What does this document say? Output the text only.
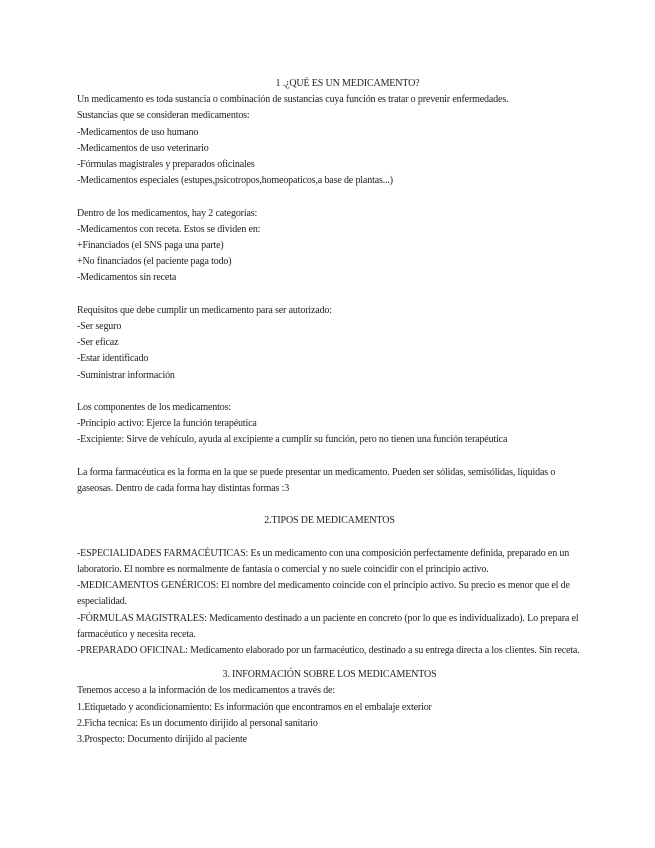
1 .¿QUÉ ES UN MEDICAMENTO?
Un medicamento es toda sustancia o combinación de sustancias cuya función es tratar o prevenir enfermedades.
Sustancias que se consideran medicamentos:
-Medicamentos de uso humano
-Medicamentos de uso veterinario
-Fórmulas magistrales y preparados oficinales
-Medicamentos especiales (estupes,psicotropos,homeopaticos,a base de plantas...)
Dentro de los medicamentos, hay 2 categorías:
-Medicamentos con receta. Estos se dividen en:
+Financiados (el SNS paga una parte)
+No financiados (el paciente paga todo)
-Medicamentos sin receta
Requisitos que debe cumplir un medicamento para ser autorizado:
-Ser seguro
-Ser eficaz
-Estar identificado
-Suministrar información
Los componentes de los medicamentos:
-Principio activo: Ejerce la función terapéutica
-Excipiente: Sirve de vehículo, ayuda al excipiente a cumplir su función, pero no tienen una función terapéutica
La forma farmacéutica es la forma en la que se puede presentar un medicamento. Pueden ser sólidas, semisólidas, líquidas o gaseosas. Dentro de cada forma hay distintas formas :3
2.TIPOS DE MEDICAMENTOS
-ESPECIALIDADES FARMACÉUTICAS: Es un medicamento con una composición perfectamente definida, preparado en un laboratorio. El nombre es normalmente de fantasía o comercial y no suele coincidir con el principio activo.
-MEDICAMENTOS GENÉRICOS: El nombre del medicamento coincide con el principio activo. Su precio es menor que el de especialidad.
-FÓRMULAS MAGISTRALES: Medicamento destinado a un paciente en concreto (por lo que es individualizado). Lo prepara el farmacéutico y necesita receta.
-PREPARADO OFICINAL: Medicamento elaborado por un farmacéutico, destinado a su entrega directa a los clientes. Sin receta.
3. INFORMACIÓN SOBRE LOS MEDICAMENTOS
Tenemos acceso a la información de los medicamentos a través de:
1.Etiquetado y acondicionamiento: Es información que encontramos en el embalaje exterior
2.Ficha tecnica: Es un documento dirijido al personal sanitario
3.Prospecto: Documento dirijido al paciente
